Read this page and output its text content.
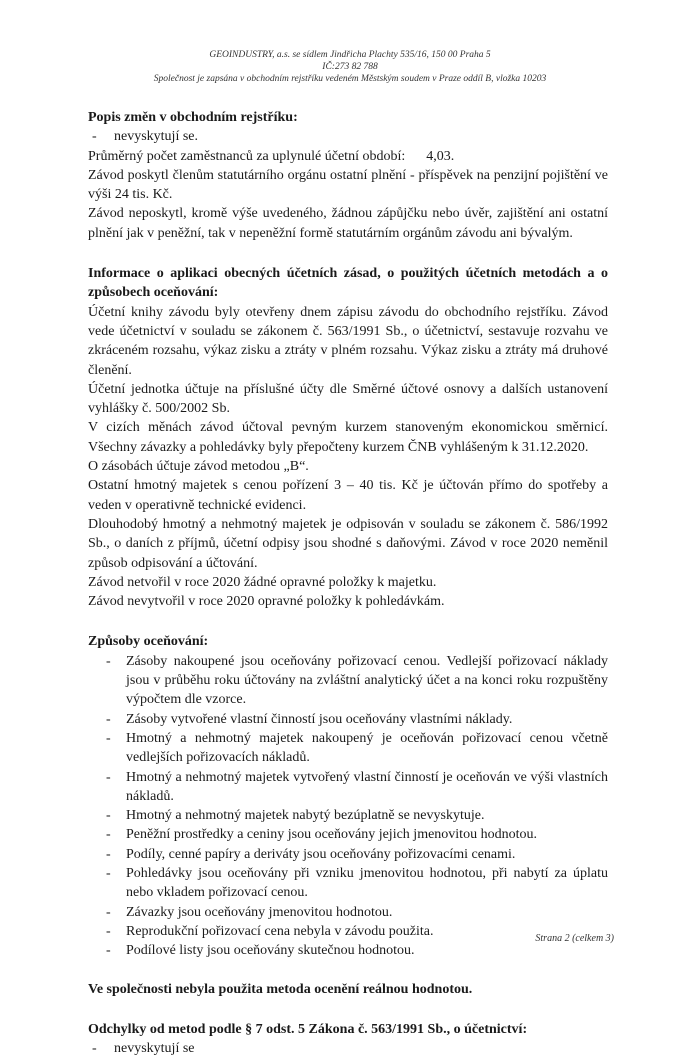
GEOINDUSTRY, a.s. se sídlem Jindřicha Plachty 535/16, 150 00 Praha 5
IČ:273 82 788
Společnost je zapsána v obchodním rejstříku vedeném Městským soudem v Praze oddíl B, vložka 10203

Popis změn v obchodním rejstříku:

-	nevyskytují se.

Průměrný počet zaměstnanců za uplynulé účetní období:      4,03.

Závod poskytl členům statutárního orgánu ostatní plnění - příspěvek na penzijní pojištění ve výši 24 tis. Kč.

Závod neposkytl, kromě výše uvedeného, žádnou zápůjčku nebo úvěr, zajištění ani ostatní plnění jak v peněžní, tak v nepeněžní formě statutárním orgánům závodu ani bývalým.

Informace o aplikaci obecných účetních zásad, o použitých účetních metodách a o způsobech oceňování:

Účetní knihy závodu byly otevřeny dnem zápisu závodu do obchodního rejstříku. Závod vede účetnictví v souladu se zákonem č. 563/1991 Sb., o účetnictví, sestavuje rozvahu ve zkráceném rozsahu, výkaz zisku a ztráty v plném rozsahu. Výkaz zisku a ztráty má druhové členění.

Účetní jednotka účtuje na příslušné účty dle Směrné účtové osnovy a dalších ustanovení vyhlášky č. 500/2002 Sb.

V cizích měnách závod účtoval pevným kurzem stanoveným ekonomickou směrnicí. Všechny závazky a pohledávky byly přepočteny kurzem ČNB vyhlášeným k 31.12.2020.

O zásobách účtuje závod metodou „B“.

Ostatní hmotný majetek s cenou pořízení 3 – 40 tis. Kč je účtován přímo do spotřeby a veden v operativně technické evidenci.

Dlouhodobý hmotný a nehmotný majetek je odpisován v souladu se zákonem č. 586/1992 Sb., o daních z příjmů, účetní odpisy jsou shodné s daňovými. Závod v roce 2020 neměnil způsob odpisování a účtování.

Závod netvořil v roce 2020 žádné opravné položky k majetku.

Závod nevytvořil v roce 2020 opravné položky k pohledávkám.

Způsoby oceňování:

-	Zásoby nakoupené jsou oceňovány pořizovací cenou. Vedlejší pořizovací náklady jsou v průběhu roku účtovány na zvláštní analytický účet a na konci roku rozpuštěny výpočtem dle vzorce.
-	Zásoby vytvořené vlastní činností jsou oceňovány vlastními náklady.
-	Hmotný a nehmotný majetek nakoupený je oceňován pořizovací cenou včetně vedlejších pořizovacích nákladů.
-	Hmotný a nehmotný majetek vytvořený vlastní činností je oceňován ve výši vlastních nákladů.
-	Hmotný a nehmotný majetek nabytý bezúplatně se nevyskytuje.
-	Peněžní prostředky a ceniny jsou oceňovány jejich jmenovitou hodnotou.
-	Podíly, cenné papíry a deriváty jsou oceňovány pořizovacími cenami.
-	Pohledávky jsou oceňovány při vzniku jmenovitou hodnotou, při nabytí za úplatu nebo vkladem pořizovací cenou.
-	Závazky jsou oceňovány jmenovitou hodnotou.
-	Reprodukční pořizovací cena nebyla v závodu použita.
-	Podílové listy jsou oceňovány skutečnou hodnotou.

Ve společnosti nebyla použita metoda ocenění reálnou hodnotou.

Odchylky od metod podle § 7 odst. 5 Zákona č. 563/1991 Sb., o účetnictví:

-	nevyskytují se
Strana 2 (celkem 3)
